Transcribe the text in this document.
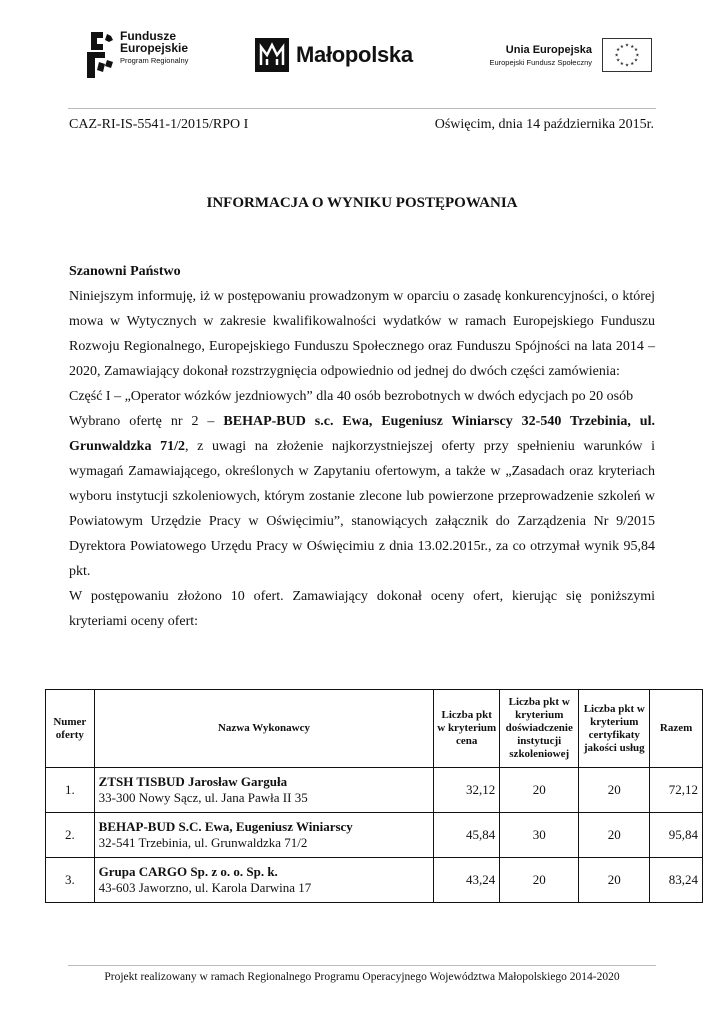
Fundusze
Europejskie
Program Regionalny	Małopolska	Unia Europejska
Europejski Fundusz Społeczny
★ ★
★
★
★
★
★
★
★
★
★
★
CAZ-RI-IS-5541-1/2015/RPO I	Oświęcim, dnia 14 października 2015r.
INFORMACJA O WYNIKU POSTĘPOWANIA

Szanowni Państwo

Niniejszym informuję, iż w postępowaniu prowadzonym w oparciu o zasadę konkurencyjności, o której mowa w Wytycznych w zakresie kwalifikowalności wydatków w ramach Europejskiego Funduszu Rozwoju Regionalnego, Europejskiego Funduszu Społecznego oraz Funduszu Spójności na lata 2014 – 2020, Zamawiający dokonał rozstrzygnięcia odpowiednio od jednej do dwóch części zamówienia:

Część I – „Operator wózków jezdniowych” dla 40 osób bezrobotnych w dwóch edycjach po 20 osób

Wybrano ofertę nr 2 – BEHAP-BUD s.c. Ewa, Eugeniusz Winiarscy 32-540 Trzebinia, ul. Grunwaldzka 71/2, z uwagi na złożenie najkorzystniejszej oferty przy spełnieniu warunków i wymagań Zamawiającego, określonych w Zapytaniu ofertowym, a także w „Zasadach oraz kryteriach wyboru instytucji szkoleniowych, którym zostanie zlecone lub powierzone przeprowadzenie szkoleń w Powiatowym Urzędzie Pracy w Oświęcimiu”, stanowiących załącznik do Zarządzenia Nr 9/2015 Dyrektora Powiatowego Urzędu Pracy w Oświęcimiu z dnia 13.02.2015r., za co otrzymał wynik 95,84 pkt.

W postępowaniu złożono 10 ofert. Zamawiający dokonał oceny ofert, kierując się poniższymi kryteriami oceny ofert:

Numer oferty	Nazwa Wykonawcy	Liczba pkt w kryterium cena	Liczba pkt w kryterium doświadczenie instytucji szkoleniowej	Liczba pkt w kryterium certyfikaty jakości usług	Razem
1.	ZTSH TISBUD Jarosław Garguła
33-300 Nowy Sącz, ul. Jana Pawła II 35	32,12	20	20	72,12
2.	BEHAP-BUD S.C. Ewa, Eugeniusz Winiarscy
32-541 Trzebinia, ul. Grunwaldzka 71/2	45,84	30	20	95,84
3.	Grupa CARGO Sp. z o. o. Sp. k.
43-603 Jaworzno, ul. Karola Darwina 17	43,24	20	20	83,24
Projekt realizowany w ramach Regionalnego Programu Operacyjnego Województwa Małopolskiego 2014-2020
